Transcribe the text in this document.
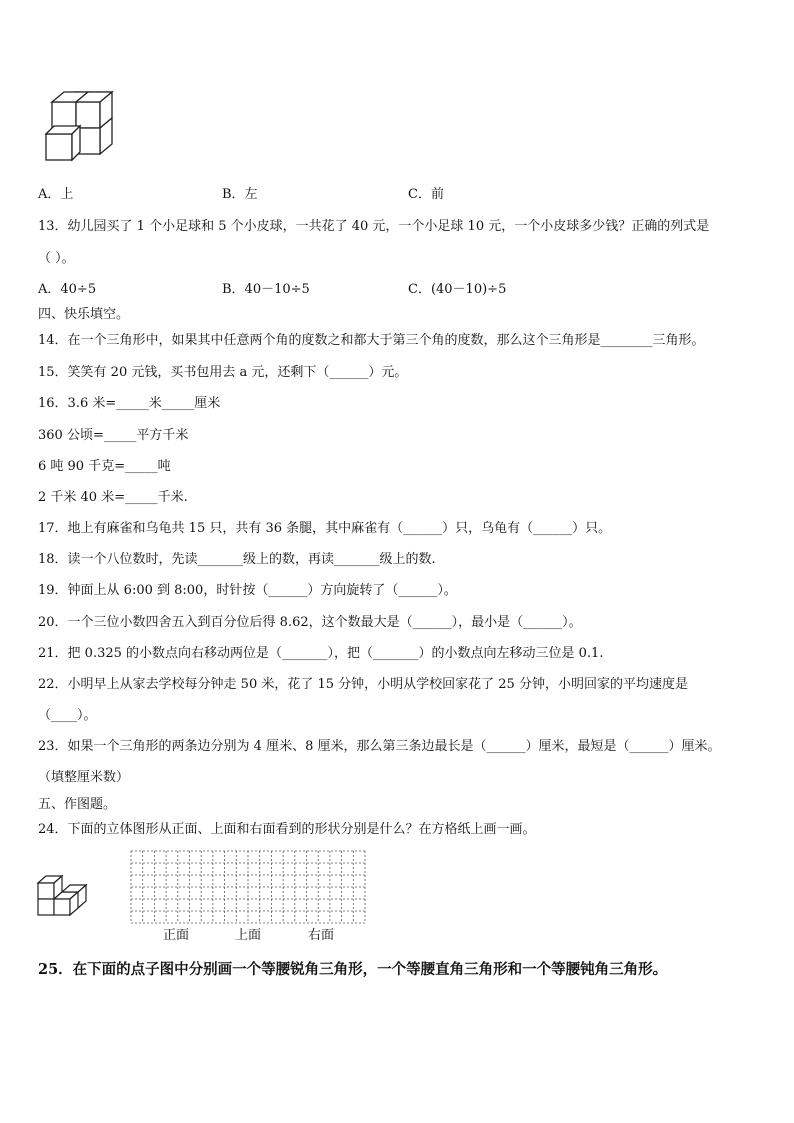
A．上	B．左	C．前
13．幼儿园买了 1 个小足球和 5 个小皮球，一共花了 40 元，一个小足球 10 元，一个小皮球多少钱？正确的列式是
（ ）。
A．40÷5	B．40－10÷5	C．(40－10)÷5
四、快乐填空。
14．在一个三角形中，如果其中任意两个角的度数之和都大于第三个角的度数，那么这个三角形是________三角形。
15．笑笑有 20 元钱，买书包用去 a 元，还剩下（______）元。
16．3.6 米=_____米_____厘米
360 公顷=_____平方千米
6 吨 90 千克=_____吨
2 千米 40 米=_____千米.
17．地上有麻雀和乌龟共 15 只，共有 36 条腿，其中麻雀有（______）只，乌龟有（______）只。
18．读一个八位数时，先读_______级上的数，再读_______级上的数.
19．钟面上从 6:00 到 8:00，时针按（______）方向旋转了（______）。
20．一个三位小数四舍五入到百分位后得 8.62，这个数最大是（______），最小是（______）。
21．把 0.325 的小数点向右移动两位是（_______），把（_______）的小数点向左移动三位是 0.1.
22．小明早上从家去学校每分钟走 50 米，花了 15 分钟，小明从学校回家花了 25 分钟，小明回家的平均速度是
（____）。
23．如果一个三角形的两条边分别为 4 厘米、8 厘米，那么第三条边最长是（______）厘米，最短是（______）厘米。
（填整厘米数）
五、作图题。
24．下面的立体图形从正面、上面和右面看到的形状分别是什么？在方格纸上画一画。
正面	上面	右面
25．在下面的点子图中分别画一个等腰锐角三角形，一个等腰直角三角形和一个等腰钝角三角形。
